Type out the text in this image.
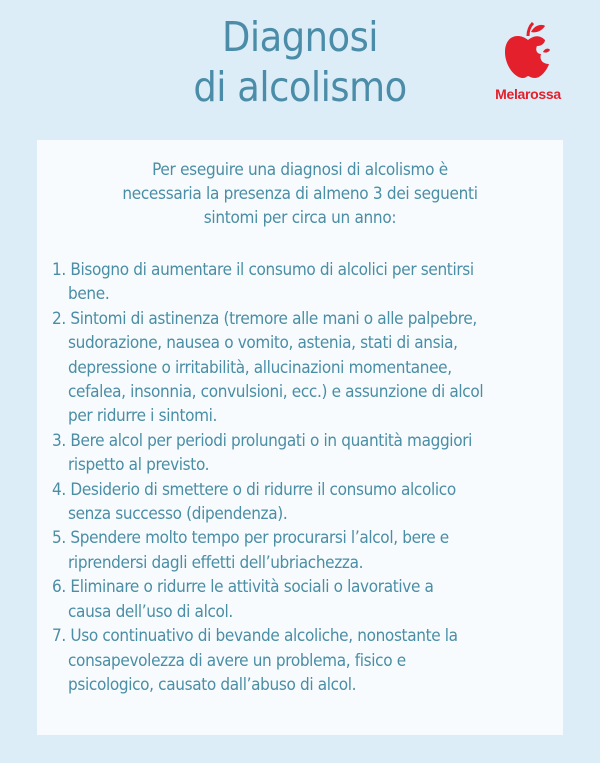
Diagnosi
di alcolismo	Melarossa
Per eseguire una diagnosi di alcolismo è
necessaria la presenza di almeno 3 dei seguenti
sintomi per circa un anno:
1. Bisogno di aumentare il consumo di alcolici per sentirsi
bene.
2. Sintomi di astinenza (tremore alle mani o alle palpebre,
sudorazione, nausea o vomito, astenia, stati di ansia,
depressione o irritabilità, allucinazioni momentanee,
cefalea, insonnia, convulsioni, ecc.) e assunzione di alcol
per ridurre i sintomi.
3. Bere alcol per periodi prolungati o in quantità maggiori
rispetto al previsto.
4. Desiderio di smettere o di ridurre il consumo alcolico
senza successo (dipendenza).
5. Spendere molto tempo per procurarsi l’alcol, bere e
riprendersi dagli effetti dell’ubriachezza.
6. Eliminare o ridurre le attività sociali o lavorative a
causa dell’uso di alcol.
7. Uso continuativo di bevande alcoliche, nonostante la
consapevolezza di avere un problema, fisico e
psicologico, causato dall’abuso di alcol.
